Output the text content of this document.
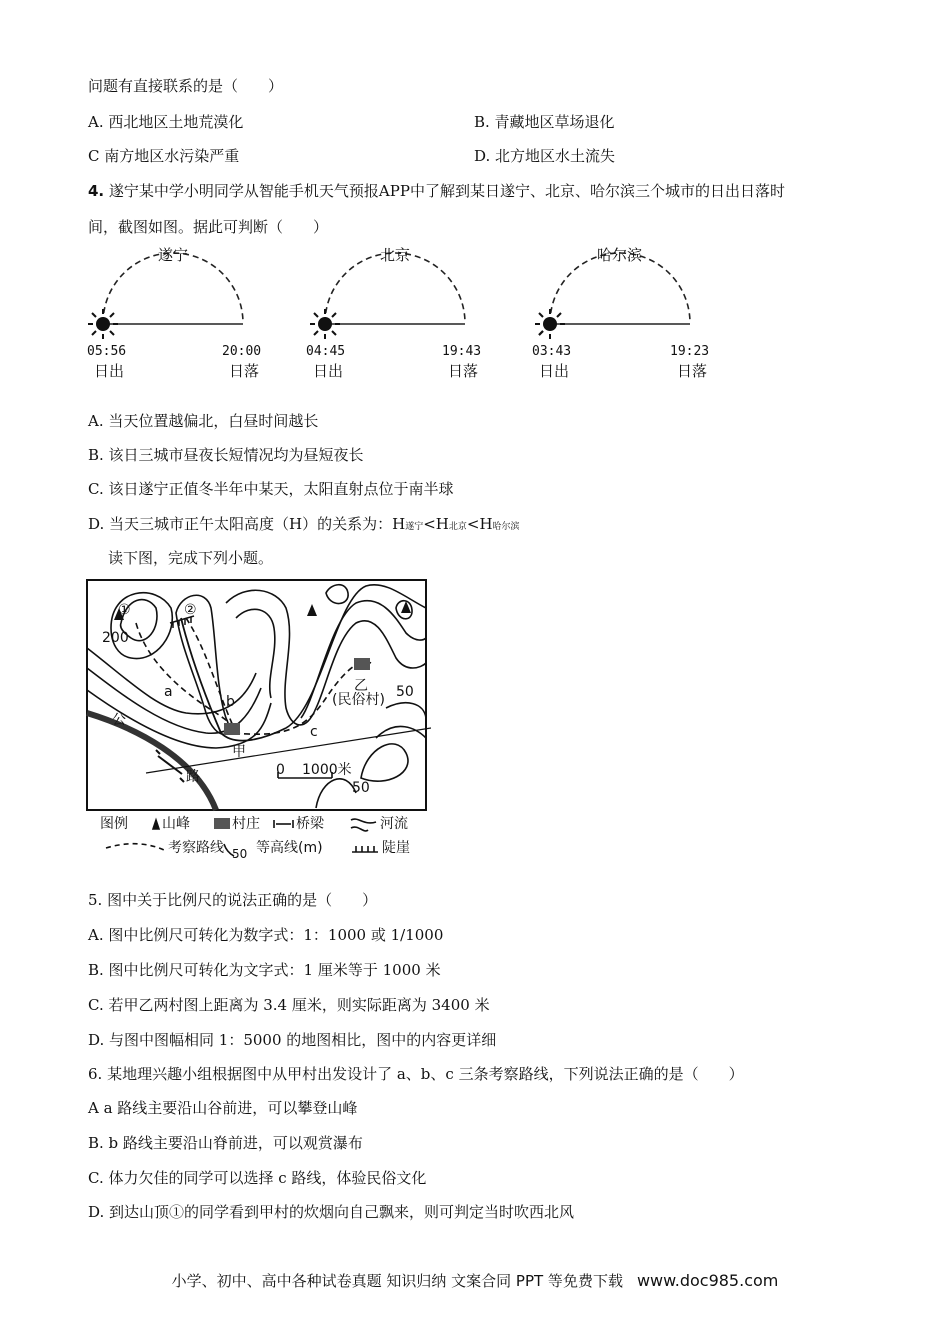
问题有直接联系的是（　　）
A. 西北地区土地荒漠化	B. 青藏地区草场退化
C 南方地区水污染严重	D. 北方地区水土流失
4. 遂宁某中学小明同学从智能手机天气预报APP中了解到某日遂宁、北京、哈尔滨三个城市的日出日落时
间，截图如图。据此可判断（　　）
遂宁	北京	哈尔滨
05:56	20:00	04:45	19:43	03:43	19:23
日出	日落	日出	日落	日出	日落
A. 当天位置越偏北，白昼时间越长
B. 该日三城市昼夜长短情况均为昼短夜长
C. 该日遂宁正值冬半年中某天，太阳直射点位于南半球
D. 当天三城市正午太阳高度（H）的关系为：H遂宁<H北京<H哈尔滨
读下图，完成下列小题。
①	②
200
50
50
a
b
c
甲
乙
(民俗村)
公
路	0 1000米
图例 山峰	村庄	桥梁	河流
考察路线 50 等高线(m)	陡崖
5. 图中关于比例尺的说法正确的是（　　）
A. 图中比例尺可转化为数字式：1：1000 或 1/1000
B. 图中比例尺可转化为文字式：1 厘米等于 1000 米
C. 若甲乙两村图上距离为 3.4 厘米，则实际距离为 3400 米
D. 与图中图幅相同 1：5000 的地图相比，图中的内容更详细
6. 某地理兴趣小组根据图中从甲村出发设计了 a、b、c 三条考察路线，下列说法正确的是（　　）
A a 路线主要沿山谷前进，可以攀登山峰
B. b 路线主要沿山脊前进，可以观赏瀑布
C. 体力欠佳的同学可以选择 c 路线，体验民俗文化
D. 到达山顶①的同学看到甲村的炊烟向自己飘来，则可判定当时吹西北风
小学、初中、高中各种试卷真题 知识归纳 文案合同 PPT 等免费下载 www.doc985.com
